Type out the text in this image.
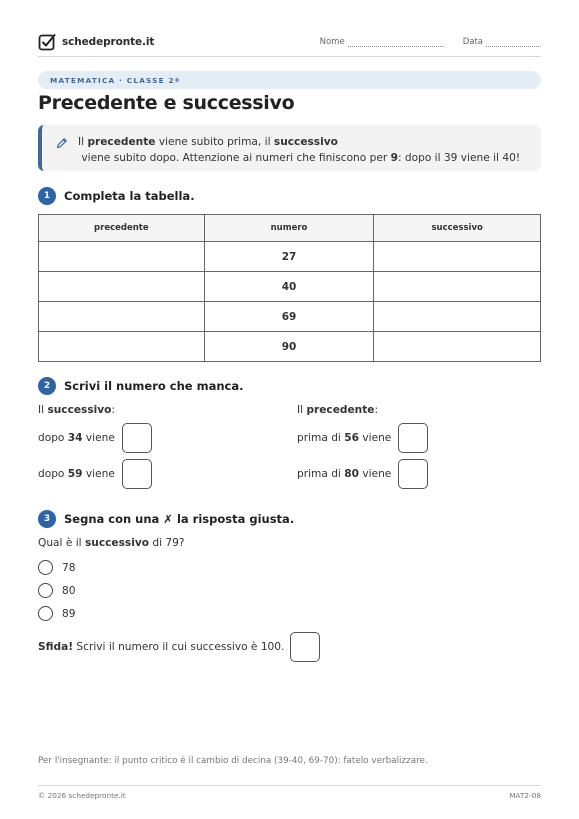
schedepronte.it	Nome	Data
MATEMATICA · CLASSE 2ª
Precedente e successivo
Il precedente viene subito prima, il successivo viene subito dopo. Attenzione ai numeri che finiscono per 9: dopo il 39 viene il 40!
1	Completa la tabella.
precedente	numero	successivo
	27	
	40	
	69	
	90	
2	Scrivi il numero che manca.
Il successivo:	Il precedente:
dopo 34 viene
dopo 59 viene
prima di 56 viene
prima di 80 viene
3	Segna con una ✗ la risposta giusta.
Qual è il successivo di 79?
78
80
89
Sfida! Scrivi il numero il cui successivo è 100.
Per l'insegnante: il punto critico è il cambio di decina (39-40, 69-70): fatelo verbalizzare.
© 2026 schedepronte.it	MAT2-08
